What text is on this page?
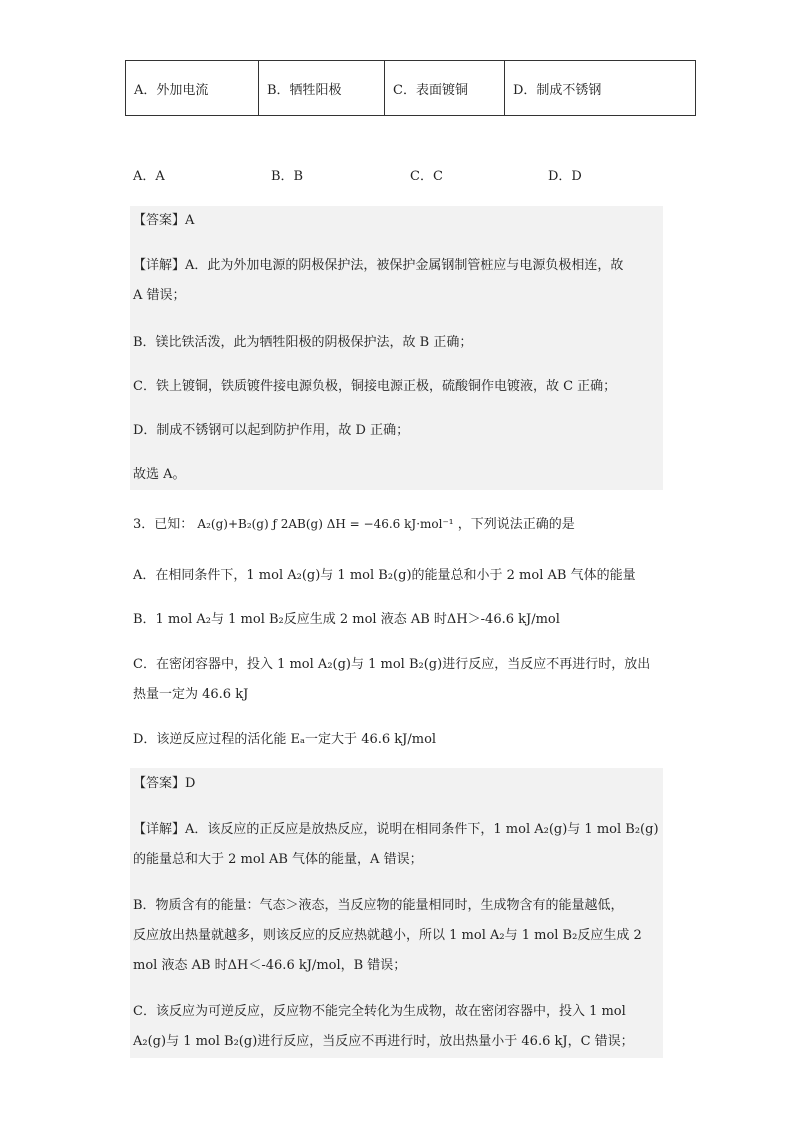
A．外加电流	B．牺牲阳极	C．表面镀铜	D．制成不锈钢
A．A	B．B	C．C	D．D
【答案】A
【详解】A．此为外加电源的阴极保护法，被保护金属钢制管桩应与电源负极相连，故
A 错误；
B．镁比铁活泼，此为牺牲阳极的阴极保护法，故 B 正确；
C．铁上镀铜，铁质镀件接电源负极，铜接电源正极，硫酸铜作电镀液，故 C 正确；
D．制成不锈钢可以起到防护作用，故 D 正确；
故选 A。
3．已知： A₂(g)+B₂(g) ƒ 2AB(g) ΔH = −46.6 kJ·mol⁻¹ ，下列说法正确的是
A．在相同条件下，1 mol A₂(g)与 1 mol B₂(g)的能量总和小于 2 mol AB 气体的能量
B．1 mol A₂与 1 mol B₂反应生成 2 mol 液态 AB 时ΔH＞-46.6 kJ/mol
C．在密闭容器中，投入 1 mol A₂(g)与 1 mol B₂(g)进行反应，当反应不再进行时，放出
热量一定为 46.6 kJ
D．该逆反应过程的活化能 Eₐ一定大于 46.6 kJ/mol
【答案】D
【详解】A．该反应的正反应是放热反应，说明在相同条件下，1 mol A₂(g)与 1 mol B₂(g)
的能量总和大于 2 mol AB 气体的能量，A 错误；
B．物质含有的能量：气态＞液态，当反应物的能量相同时，生成物含有的能量越低，
反应放出热量就越多，则该反应的反应热就越小，所以 1 mol A₂与 1 mol B₂反应生成 2
mol 液态 AB 时ΔH＜-46.6 kJ/mol，B 错误；
C．该反应为可逆反应，反应物不能完全转化为生成物，故在密闭容器中，投入 1 mol
A₂(g)与 1 mol B₂(g)进行反应，当反应不再进行时，放出热量小于 46.6 kJ，C 错误；
